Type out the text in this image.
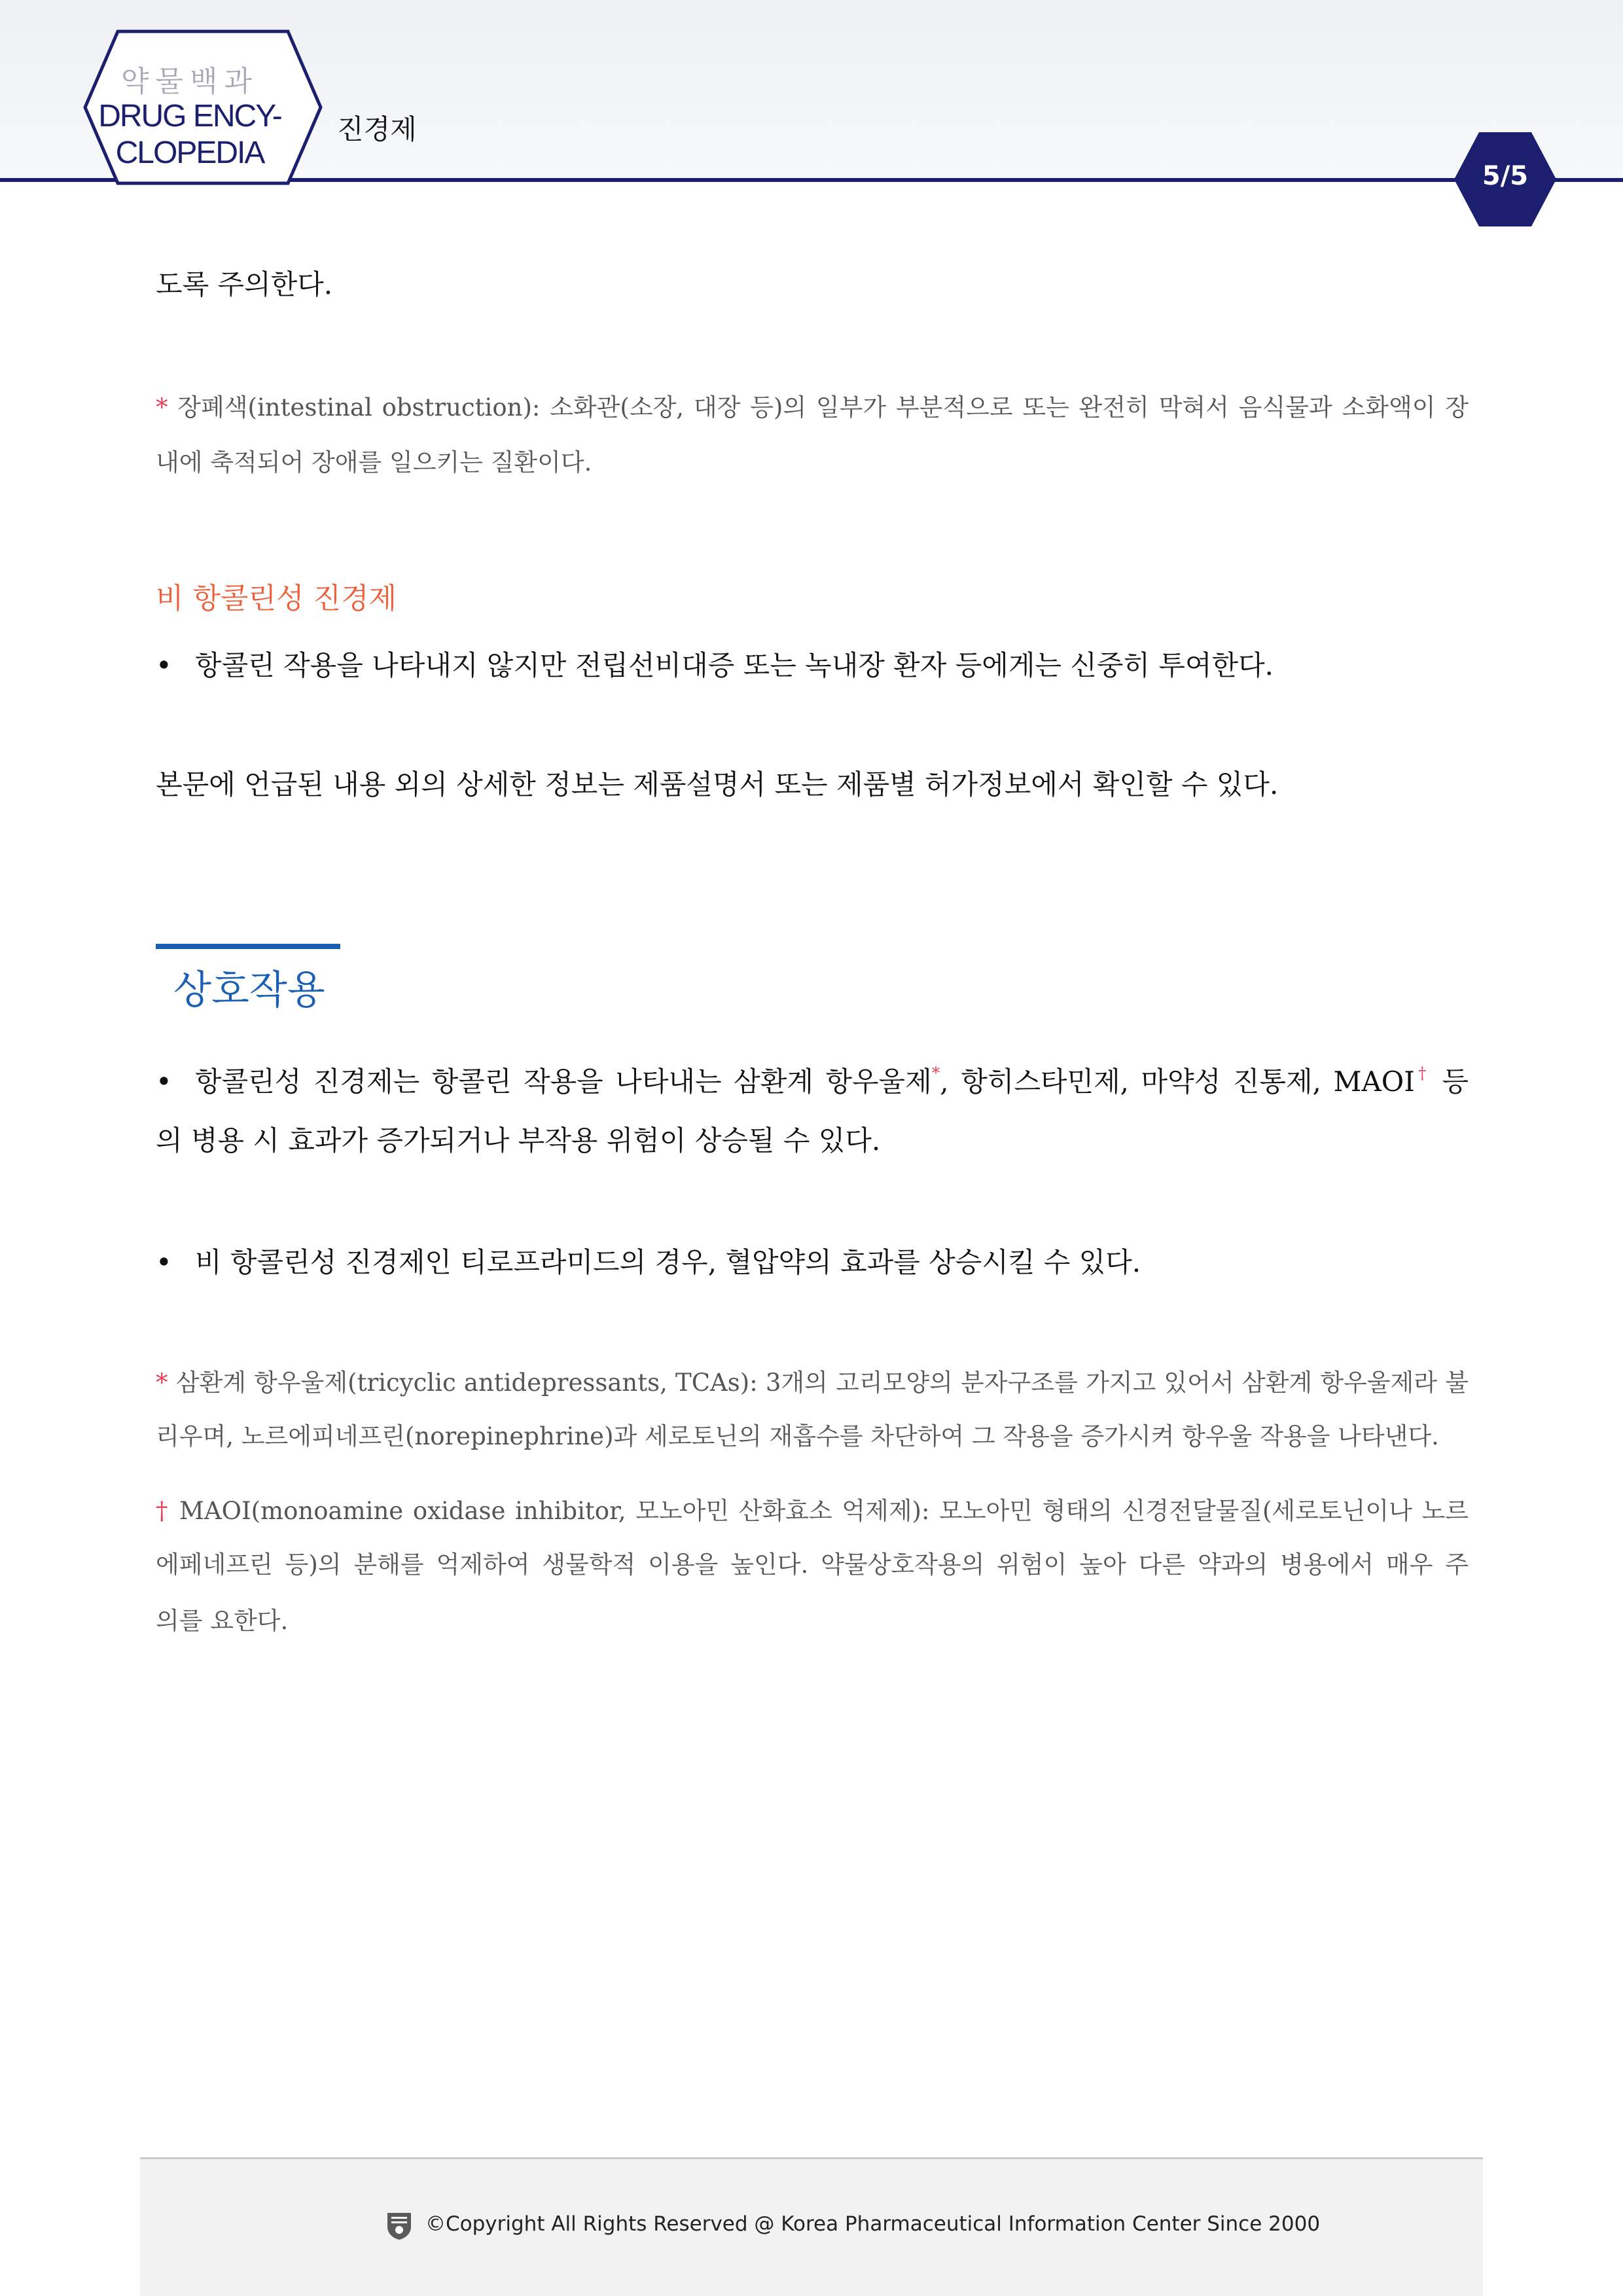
약물백과
DRUG ENCY-
CLOPEDIA
진경제
5/5
도록 주의한다.
* 장폐색(intestinal obstruction): 소화관(소장, 대장 등)의 일부가 부분적으로 또는 완전히 막혀서 음식물과 소화액이 장
내에 축적되어 장애를 일으키는 질환이다.
비 항콜린성 진경제
• 항콜린 작용을 나타내지 않지만 전립선비대증 또는 녹내장 환자 등에게는 신중히 투여한다.
본문에 언급된 내용 외의 상세한 정보는 제품설명서 또는 제품별 허가정보에서 확인할 수 있다.
상호작용
• 항콜린성 진경제는 항콜린 작용을 나타내는 삼환계 항우울제*, 항히스타민제, 마약성 진통제, MAOI† 등
의 병용 시 효과가 증가되거나 부작용 위험이 상승될 수 있다.
• 비 항콜린성 진경제인 티로프라미드의 경우, 혈압약의 효과를 상승시킬 수 있다.
* 삼환계 항우울제(tricyclic antidepressants, TCAs): 3개의 고리모양의 분자구조를 가지고 있어서 삼환계 항우울제라 불
리우며, 노르에피네프린(norepinephrine)과 세로토닌의 재흡수를 차단하여 그 작용을 증가시켜 항우울 작용을 나타낸다.
† MAOI(monoamine oxidase inhibitor, 모노아민 산화효소 억제제): 모노아민 형태의 신경전달물질(세로토닌이나 노르
에페네프린 등)의 분해를 억제하여 생물학적 이용을 높인다. 약물상호작용의 위험이 높아 다른 약과의 병용에서 매우 주
의를 요한다.
©Copyright All Rights Reserved @ Korea Pharmaceutical Information Center Since 2000
